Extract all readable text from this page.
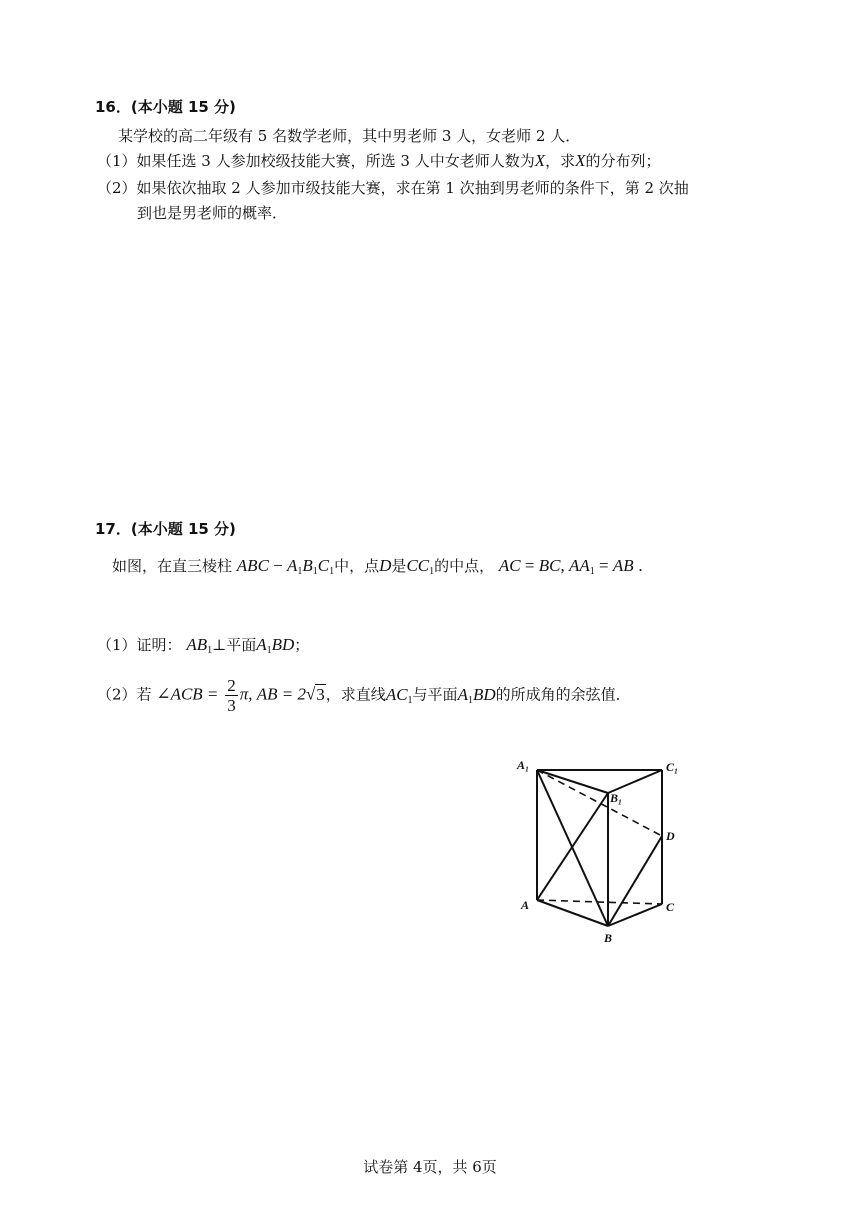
16．(本小题 15 分)
某学校的高二年级有 5 名数学老师，其中男老师 3 人，女老师 2 人．
（1）如果任选 3 人参加校级技能大赛，所选 3 人中女老师人数为X，求X的分布列；
（2）如果依次抽取 2 人参加市级技能大赛，求在第 1 次抽到男老师的条件下，第 2 次抽
到也是男老师的概率．
17．(本小题 15 分)
如图，在直三棱柱 ABC − $A_1B_1C_1$中，点D是$CC_1$的中点， AC = BC, $AA_1$ = AB .
（1）证明： $AB_1\perp$平面$A_1BD$；
（2）若 ∠ACB = $\frac{2}{3} \pi$, AB = 2√3，求直线$AC_1$与平面$A_1BD$的所成角的余弦值．
A₁	C₁
B₁
D
A	C
B
试卷第 4页，共 6页
